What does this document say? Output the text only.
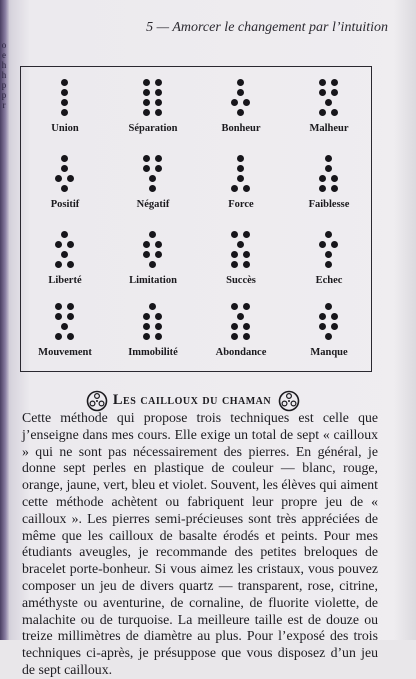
o
e
h
h
p
p
r
5 — Amorcer le changement par l’intuition
Union	Séparation	Bonheur	Malheur
Positif	Négatif	Force	Faiblesse
Liberté	Limitation	Succès	Echec
Mouvement	Immobilité	Abondance	Manque
Les cailloux du chaman

Cette méthode qui propose trois techniques est celle que j’enseigne dans mes cours. Elle exige un total de sept « cailloux » qui ne sont pas nécessairement des pierres. En général, je donne sept perles en plastique de couleur — blanc, rouge, orange, jaune, vert, bleu et violet. Souvent, les élèves qui aiment cette méthode achètent ou fabriquent leur propre jeu de « cailloux ». Les pierres semi-précieuses sont très appréciées de même que les cailloux de basalte érodés et peints. Pour mes étudiants aveugles, je recommande des petites breloques de bracelet porte-bonheur. Si vous aimez les cristaux, vous pouvez composer un jeu de divers quartz — transparent, rose, citrine, améthyste ou aventurine, de cornaline, de fluorite violette, de malachite ou de turquoise. La meilleure taille est de douze ou treize millimètres de diamètre au plus. Pour l’exposé des trois techniques ci-après, je présuppose que vous disposez d’un jeu de sept cailloux.
